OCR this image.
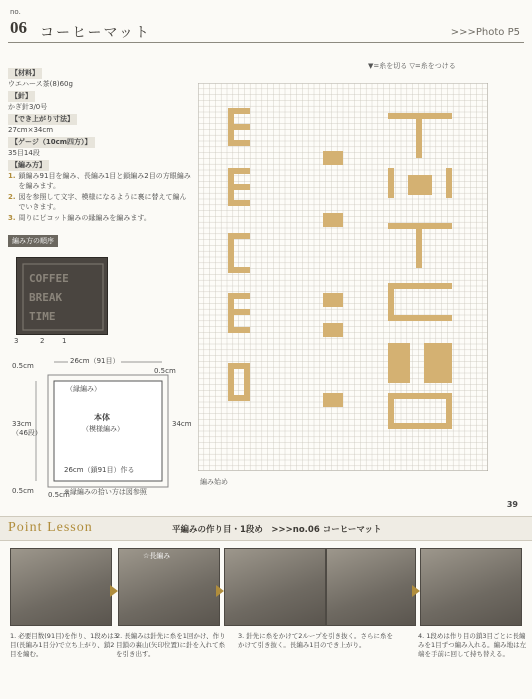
no.
06 コーヒーマット	>>>Photo P5
【材料】
ウエハース茶(8)60g
【針】
かぎ針3/0号
【でき上がり寸法】
27cm×34cm
【ゲージ（10cm四方）】
35目14段
【編み方】
1. 鎖編み91目を編み、長編み1目と鎖編み2目の方眼編みを編みます。
2. 図を参照して文字、模様になるように裏に替えて編んでいきます。
3. 周りにピコット編みの縁編みを編みます。
編み方の順序
COFFEE
BREAK
TIME
3	2	1
26cm（91目）
0.5cm
0.5cm
（縁編み）
本体
（模様編み）
33cm（46段）
34cm
26cm（鎖91目）作る
0.5cm 0.5cm
※縁編みの拾い方は図参照
▼=糸を切る ▽=糸をつける
編み始め
39
Point Lesson	平編みの作り目・1段め　>>>no.06 コーヒーマット
☆長編み
1. 必要目数(91目)を作り、1段めは3目(長編み1目分)で立ち上がり、鎖2目を編む。
2. 長編みは針先に糸を1回かけ、作り目鎖の裏山(矢印位置)に針を入れて糸を引き出す。
3. 針先に糸をかけて2ループを引き抜く。さらに糸をかけて引き抜く。長編み1目のでき上がり。
4. 1段めは作り目の鎖3目ごとに長編みを1目ずつ編み入れる。編み地は左端を手前に回して持ち替える。
